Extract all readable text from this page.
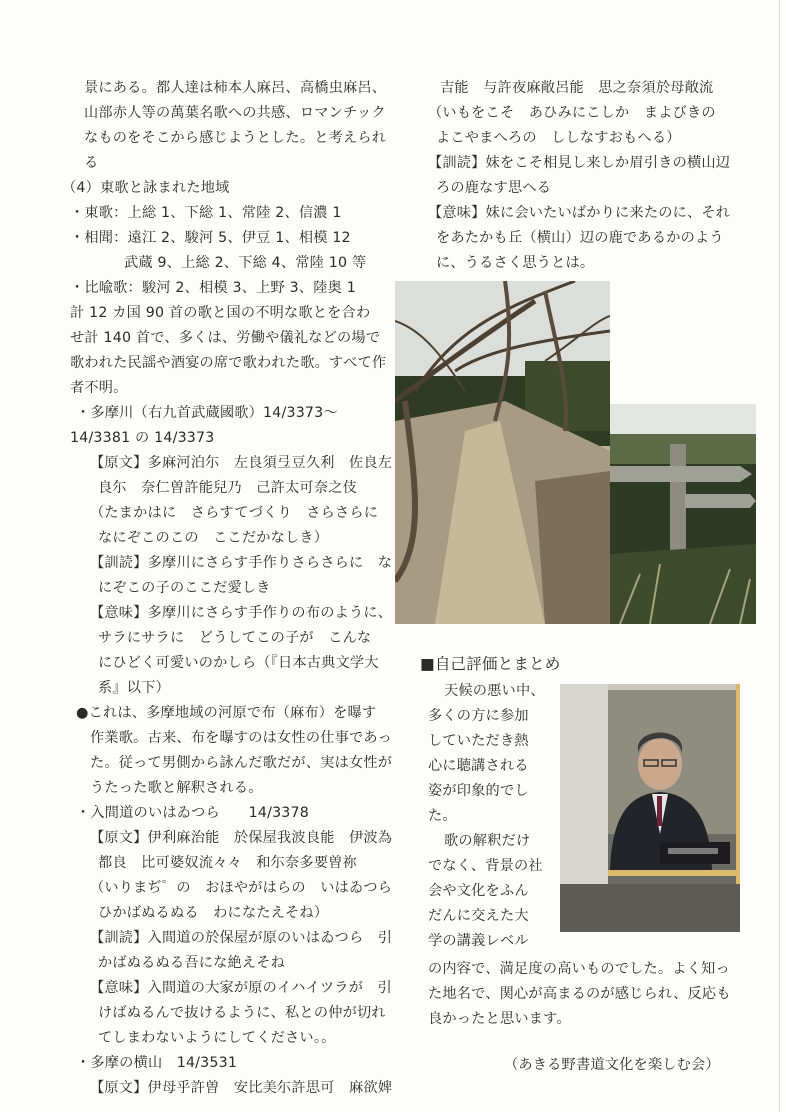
景にある。都人達は柿本人麻呂、高橋虫麻呂、
山部赤人等の萬葉名歌への共感、ロマンチック
なものをそこから感じようとした。と考えられ
る
（4）東歌と詠まれた地域
・東歌：上総 1、下総 1、常陸 2、信濃 1
・相聞：遠江 2、駿河 5、伊豆 1、相模 12
武蔵 9、上総 2、下総 4、常陸 10 等
・比喩歌：駿河 2、相模 3、上野 3、陸奥 1
計 12 カ国 90 首の歌と国の不明な歌とを合わ
せ計 140 首で、多くは、労働や儀礼などの場で
歌われた民謡や酒宴の席で歌われた歌。すべて作
者不明。
・多摩川（右九首武蔵國歌）14/3373～
14/3381 の 14/3373
【原文】多麻河泊尓　左良須弖豆久利　佐良左
良尓　奈仁曽許能兒乃　己許太可奈之伎
（たまかはに　さらすてづくり　さらさらに
なにぞこのこの　ここだかなしき）
【訓読】多摩川にさらす手作りさらさらに　な
にぞこの子のここだ愛しき
【意味】多摩川にさらす手作りの布のように、
サラにサラに　どうしてこの子が　こんな
にひどく可愛いのかしら（『日本古典文学大
系』以下）
●これは、多摩地域の河原で布（麻布）を曝す
作業歌。古来、布を曝すのは女性の仕事であっ
た。従って男側から詠んだ歌だが、実は女性が
うたった歌と解釈される。
・入間道のいはゐつら　　14/3378
【原文】伊利麻治能　於保屋我波良能　伊波為
都良　比可婆奴流々々　和尓奈多要曽祢
（いりまぢ゜の　おほやがはらの　いはゐつら
ひかばぬるぬる　わになたえそね）
【訓読】入間道の於保屋が原のいはゐつら　引
かばぬるぬる吾にな絶えそね
【意味】入間道の大家が原のイハイツラが　引
けばぬるんで抜けるように、私との仲が切れ
てしまわないようにしてください。。
・多摩の横山　14/3531
【原文】伊母乎許曽　安比美尓許思可　麻欲婢
吉能　与許夜麻敞呂能　思之奈須於母敞流
（いもをこそ　あひみにこしか　まよびきの
よこやまへろの　ししなすおもへる）
【訓読】妹をこそ相見し来しか眉引きの横山辺
ろの鹿なす思へる
【意味】妹に会いたいばかりに来たのに、それ
をあたかも丘（横山）辺の鹿であるかのよう
に、うるさく思うとは。
■自己評価とまとめ
天候の悪い中、
多くの方に参加
していただき熱
心に聴講される
姿が印象的でし
た。
歌の解釈だけ
でなく、背景の社
会や文化をふん
だんに交えた大
学の講義レベル
の内容で、満足度の高いものでした。よく知っ
た地名で、関心が高まるのが感じられ、反応も
良かったと思います。
（あきる野書道文化を楽しむ会）
